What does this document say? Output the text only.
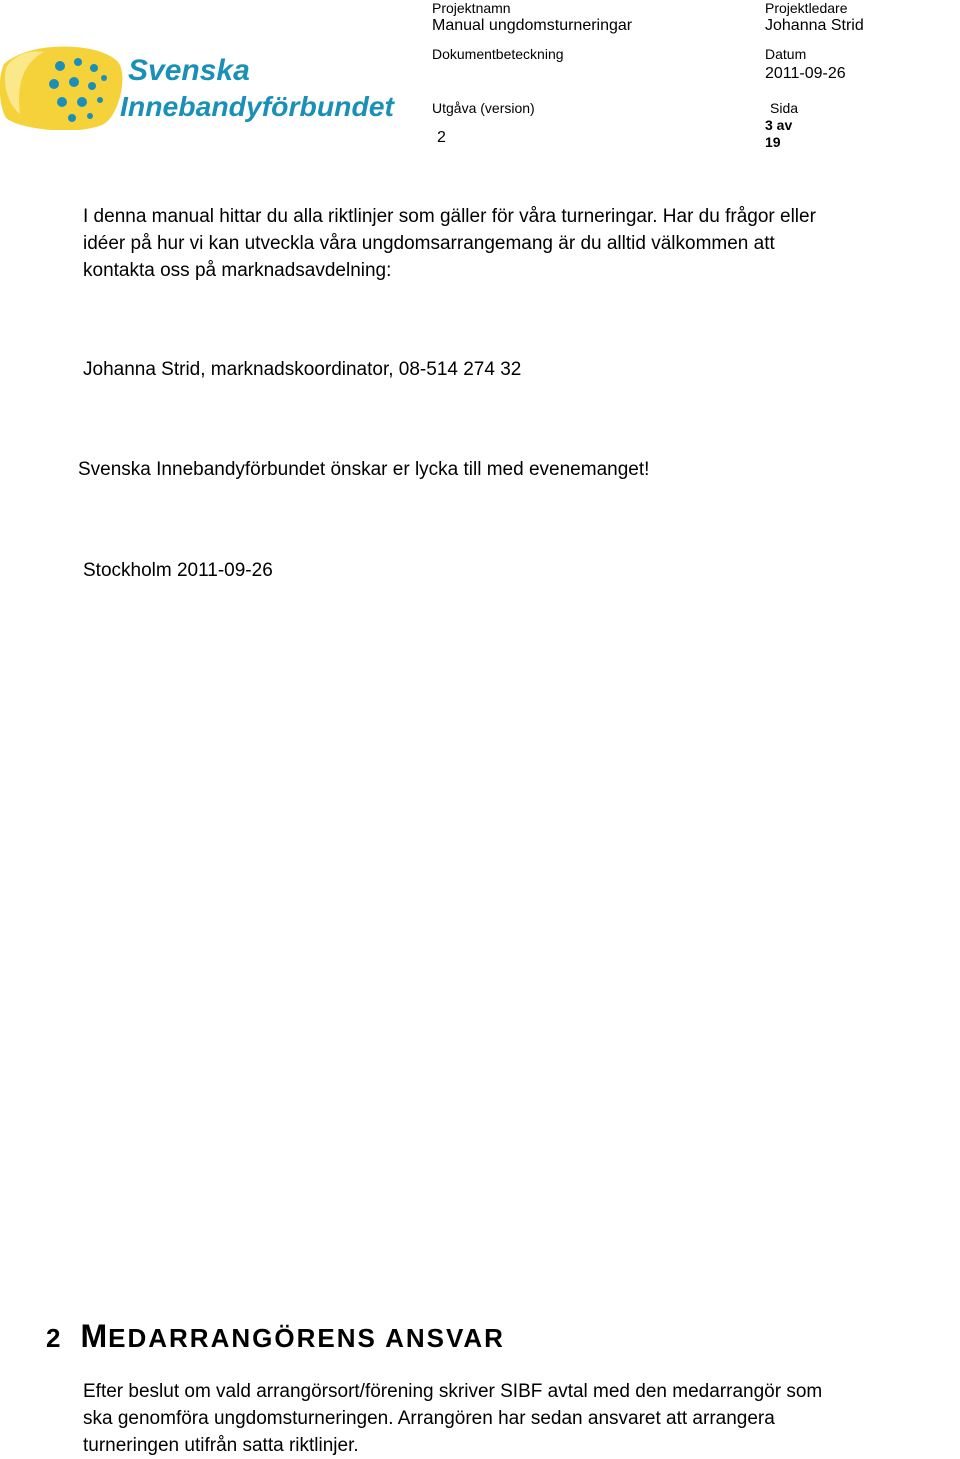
Svenska
Innebandyförbundet
Projektnamn
Manual ungdomsturneringar
Dokumentbeteckning
Utgåva (version)
2
Projektledare
Johanna Strid
Datum
2011-09-26
Sida
3 av
19
I denna manual hittar du alla riktlinjer som gäller för våra turneringar. Har du frågor eller
idéer på hur vi kan utveckla våra ungdomsarrangemang är du alltid välkommen att
kontakta oss på marknadsavdelning:
Johanna Strid, marknadskoordinator, 08-514 274 32
Svenska Innebandyförbundet önskar er lycka till med evenemanget!
Stockholm 2011-09-26
2 MEDARRANGÖRENS ANSVAR
Efter beslut om vald arrangörsort/förening skriver SIBF avtal med den medarrangör som
ska genomföra ungdomsturneringen. Arrangören har sedan ansvaret att arrangera
turneringen utifrån satta riktlinjer.
